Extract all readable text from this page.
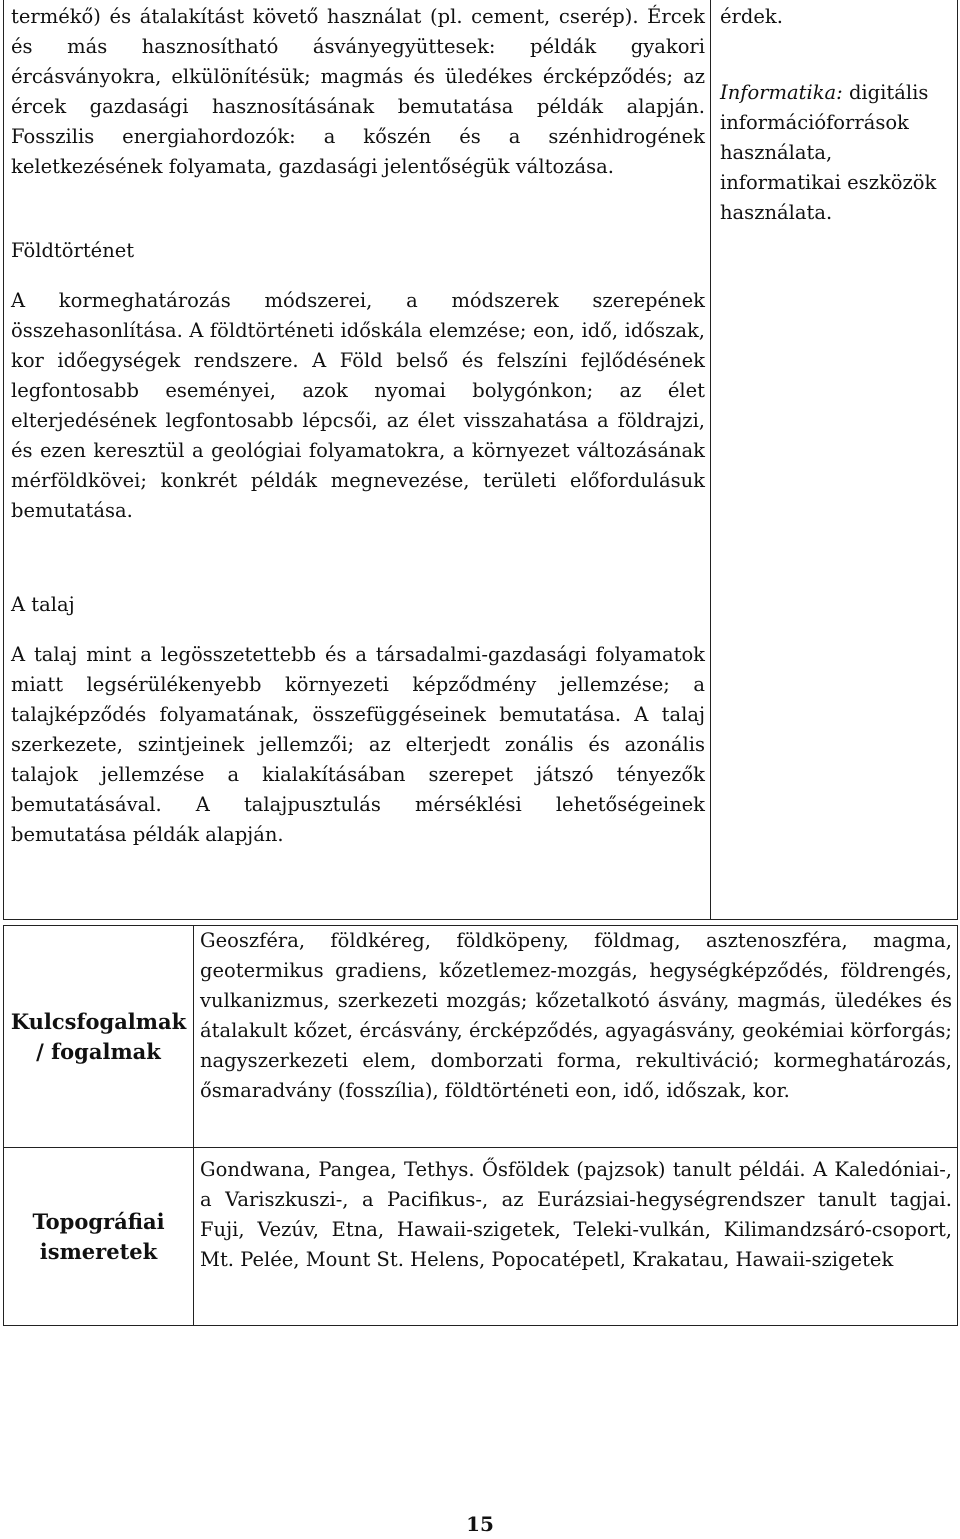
termékő) és átalakítást követő használat (pl. cement, cserép). Ércek és más hasznosítható ásványegyüttesek: példák gyakori ércásványokra, elkülönítésük; magmás és üledékes ércképződés; az ércek gazdasági hasznosításának bemutatása példák alapján. Fosszilis energiahordozók: a kőszén és a szénhidrogének keletkezésének folyamata, gazdasági jelentőségük változása.

Földtörténet

A kormeghatározás módszerei, a módszerek szerepének összehasonlítása. A földtörténeti időskála elemzése; eon, idő, időszak, kor időegységek rendszere. A Föld belső és felszíni fejlődésének legfontosabb eseményei, azok nyomai bolygónkon; az élet elterjedésének legfontosabb lépcsői, az élet visszahatása a földrajzi, és ezen keresztül a geológiai folyamatokra, a környezet változásának mérföldkövei; konkrét példák megnevezése, területi előfordulásuk bemutatása.

A talaj

A talaj mint a legösszetettebb és a társadalmi-gazdasági folyamatok miatt legsérülékenyebb környezeti képződmény jellemzése; a talajképződés folyamatának, összefüggéseinek bemutatása. A talaj szerkezete, szintjeinek jellemzői; az elterjedt zonális és azonális talajok jellemzése a kialakításában szerepet játszó tényezők bemutatásával. A talajpusztulás mérséklési lehetőségeinek bemutatása példák alapján.

érdek.

Informatika: digitális információforrások használata, informatikai eszközök használata.

Kulcsfogalmak / fogalmak

Geoszféra, földkéreg, földköpeny, földmag, asztenoszféra, magma, geotermikus gradiens, kőzetlemez-mozgás, hegységképződés, földrengés, vulkanizmus, szerkezeti mozgás; kőzetalkotó ásvány, magmás, üledékes és átalakult kőzet, ércásvány, ércképződés, agyagásvány, geokémiai körforgás; nagyszerkezeti elem, domborzati forma, rekultiváció; kormeghatározás, ősmaradvány (fosszília), földtörténeti eon, idő, időszak, kor.

Topográfiai ismeretek

Gondwana, Pangea, Tethys. Ősföldek (pajzsok) tanult példái. A Kaledóniai-, a Variszkuszi-, a Pacifikus-, az Eurázsiai-hegységrendszer tanult tagjai. Fuji, Vezúv, Etna, Hawaii-szigetek, Teleki-vulkán, Kilimandzsáró-csoport, Mt. Pelée, Mount St. Helens, Popocatépetl, Krakatau, Hawaii-szigetek

15
